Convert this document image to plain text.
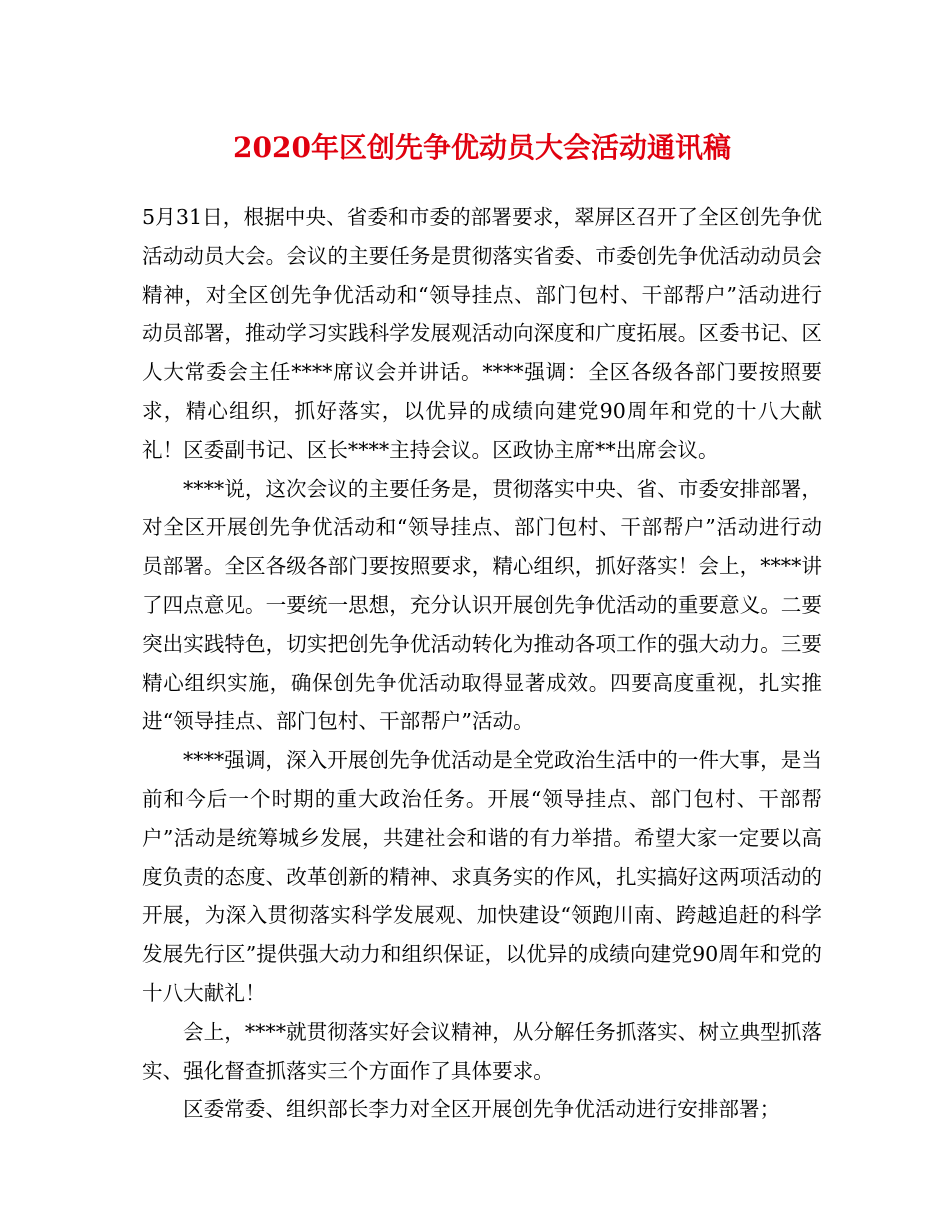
2020年区创先争优动员大会活动通讯稿

5月31日，根据中央、省委和市委的部署要求，翠屏区召开了全区创先争优活动动员大会。会议的主要任务是贯彻落实省委、市委创先争优活动动员会精神，对全区创先争优活动和“领导挂点、部门包村、干部帮户”活动进行动员部署，推动学习实践科学发展观活动向深度和广度拓展。区委书记、区人大常委会主任****席议会并讲话。****强调：全区各级各部门要按照要求，精心组织，抓好落实，以优异的成绩向建党90周年和党的十八大献礼！区委副书记、区长****主持会议。区政协主席**出席会议。

****说，这次会议的主要任务是，贯彻落实中央、省、市委安排部署，对全区开展创先争优活动和“领导挂点、部门包村、干部帮户”活动进行动员部署。全区各级各部门要按照要求，精心组织，抓好落实！会上，****讲了四点意见。一要统一思想，充分认识开展创先争优活动的重要意义。二要突出实践特色，切实把创先争优活动转化为推动各项工作的强大动力。三要精心组织实施，确保创先争优活动取得显著成效。四要高度重视，扎实推进“领导挂点、部门包村、干部帮户”活动。

****强调，深入开展创先争优活动是全党政治生活中的一件大事，是当前和今后一个时期的重大政治任务。开展“领导挂点、部门包村、干部帮户”活动是统筹城乡发展，共建社会和谐的有力举措。希望大家一定要以高度负责的态度、改革创新的精神、求真务实的作风，扎实搞好这两项活动的开展，为深入贯彻落实科学发展观、加快建设“领跑川南、跨越追赶的科学发展先行区”提供强大动力和组织保证，以优异的成绩向建党90周年和党的十八大献礼！

会上，****就贯彻落实好会议精神，从分解任务抓落实、树立典型抓落实、强化督查抓落实三个方面作了具体要求。

区委常委、组织部长李力对全区开展创先争优活动进行安排部署；
